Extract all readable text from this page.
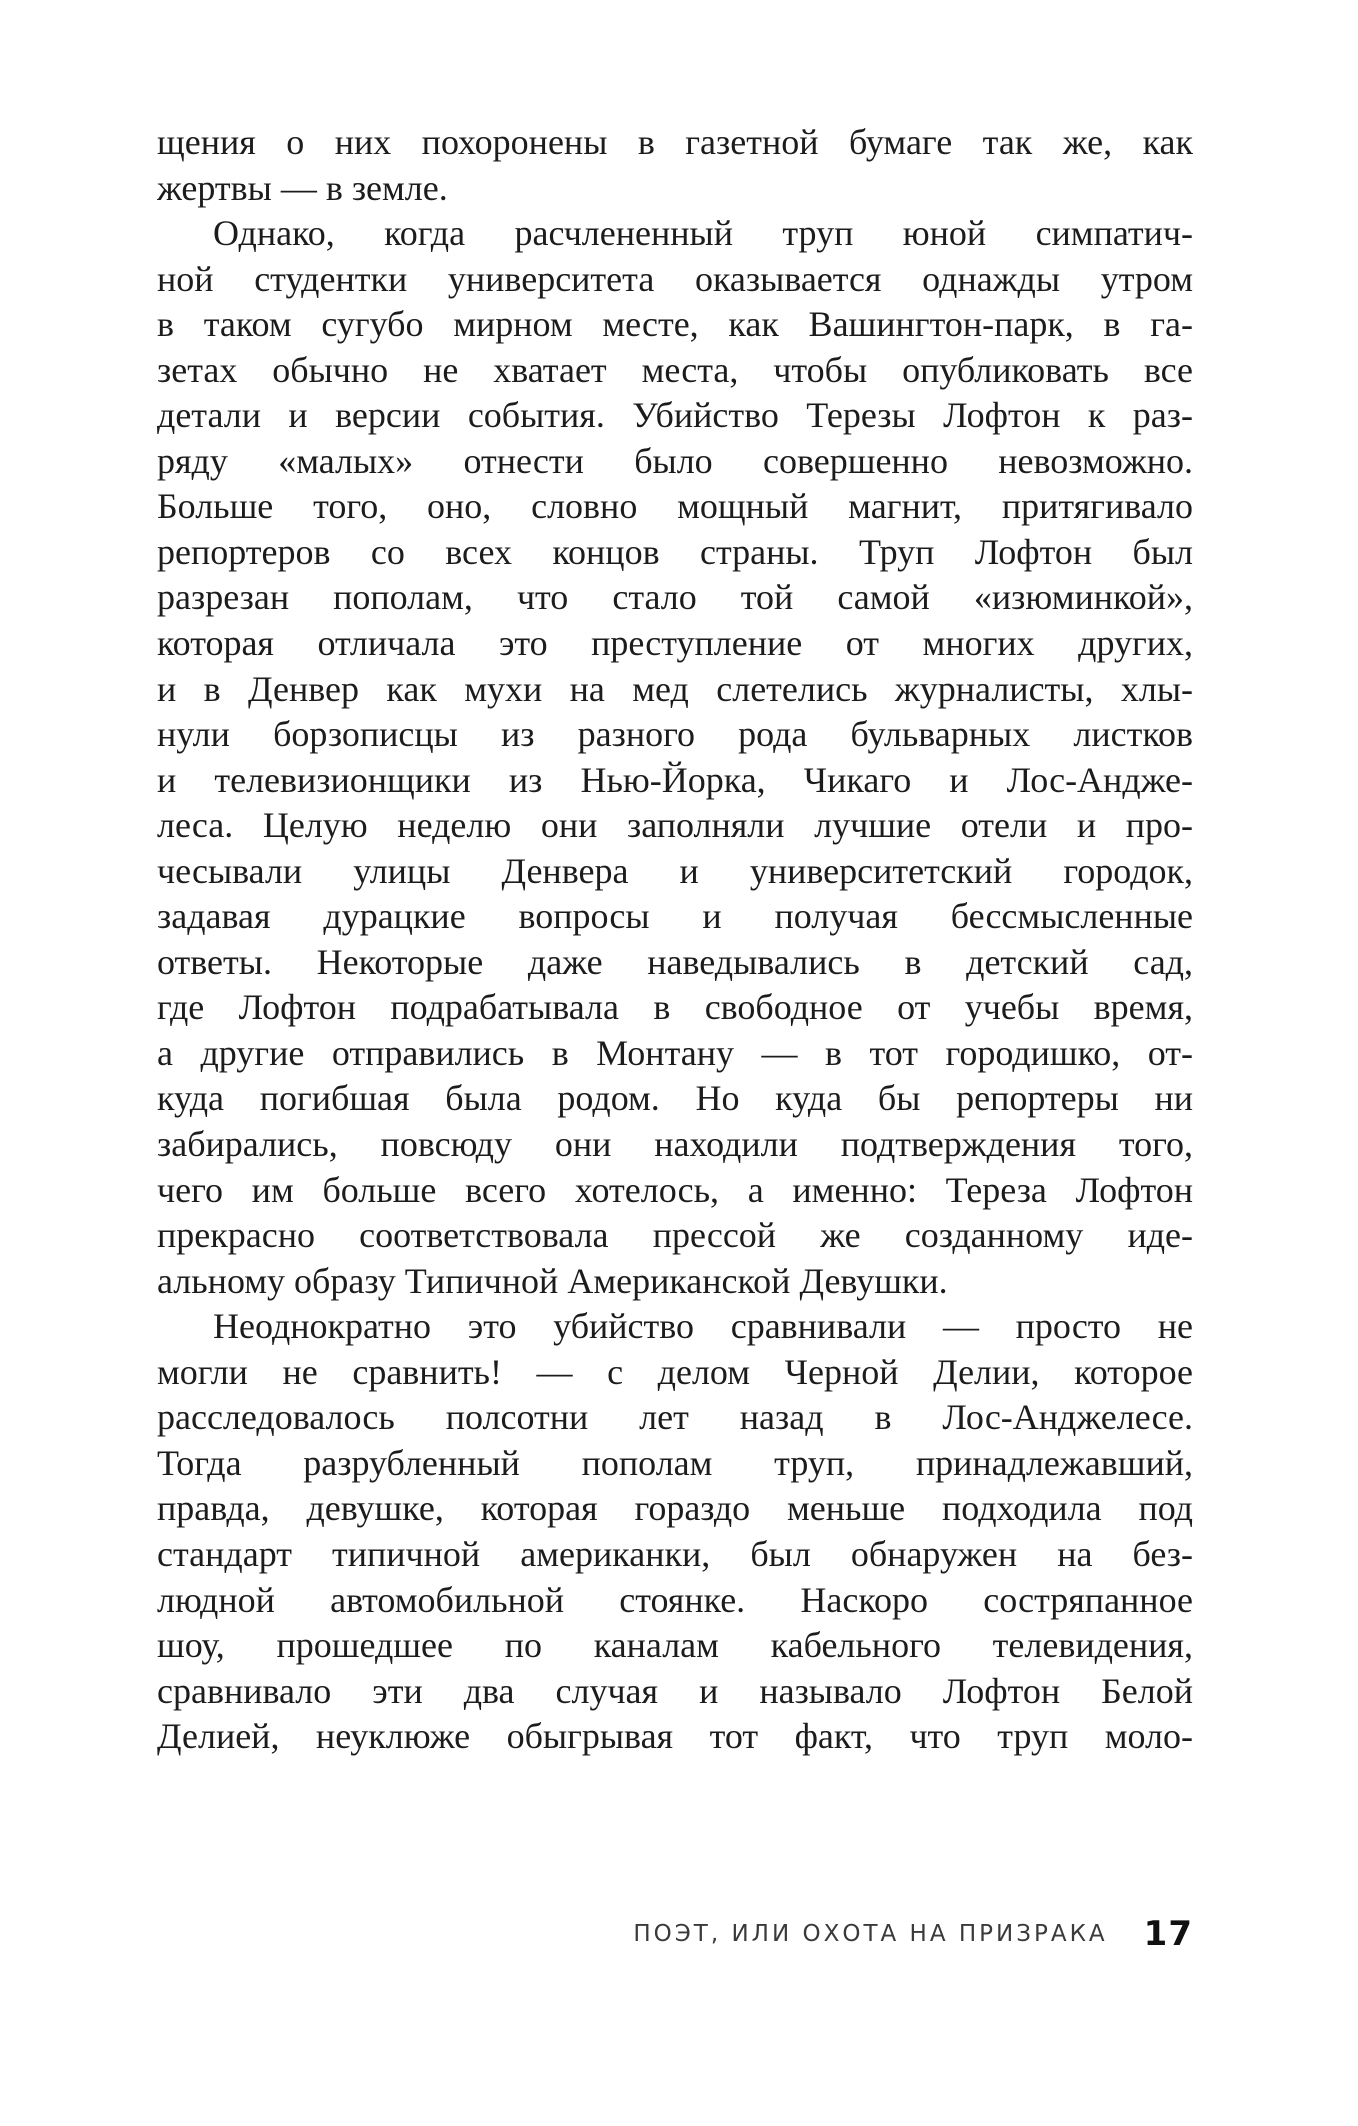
щения о них похоронены в газетной бумаге так же, как
жертвы — в земле.
Однако, когда расчлененный труп юной симпатич-
ной студентки университета оказывается однажды утром
в таком сугубо мирном месте, как Вашингтон-парк, в га-
зетах обычно не хватает места, чтобы опубликовать все
детали и версии события. Убийство Терезы Лофтон к раз-
ряду «малых» отнести было совершенно невозможно.
Больше того, оно, словно мощный магнит, притягивало
репортеров со всех концов страны. Труп Лофтон был
разрезан пополам, что стало той самой «изюминкой»,
которая отличала это преступление от многих других,
и в Денвер как мухи на мед слетелись журналисты, хлы-
нули борзописцы из разного рода бульварных листков
и телевизионщики из Нью-Йорка, Чикаго и Лос-Андже-
леса. Целую неделю они заполняли лучшие отели и про-
чесывали улицы Денвера и университетский городок,
задавая дурацкие вопросы и получая бессмысленные
ответы. Некоторые даже наведывались в детский сад,
где Лофтон подрабатывала в свободное от учебы время,
а другие отправились в Монтану — в тот городишко, от-
куда погибшая была родом. Но куда бы репортеры ни
забирались, повсюду они находили подтверждения того,
чего им больше всего хотелось, а именно: Тереза Лофтон
прекрасно соответствовала прессой же созданному иде-
альному образу Типичной Американской Девушки.
Неоднократно это убийство сравнивали — просто не
могли не сравнить! — с делом Черной Делии, которое
расследовалось полсотни лет назад в Лос-Анджелесе.
Тогда разрубленный пополам труп, принадлежавший,
правда, девушке, которая гораздо меньше подходила под
стандарт типичной американки, был обнаружен на без-
людной автомобильной стоянке. Наскоро состряпанное
шоу, прошедшее по каналам кабельного телевидения,
сравнивало эти два случая и называло Лофтон Белой
Делией, неуклюже обыгрывая тот факт, что труп моло-
ПОЭТ, ИЛИ ОХОТА НА ПРИЗРАКА 17
